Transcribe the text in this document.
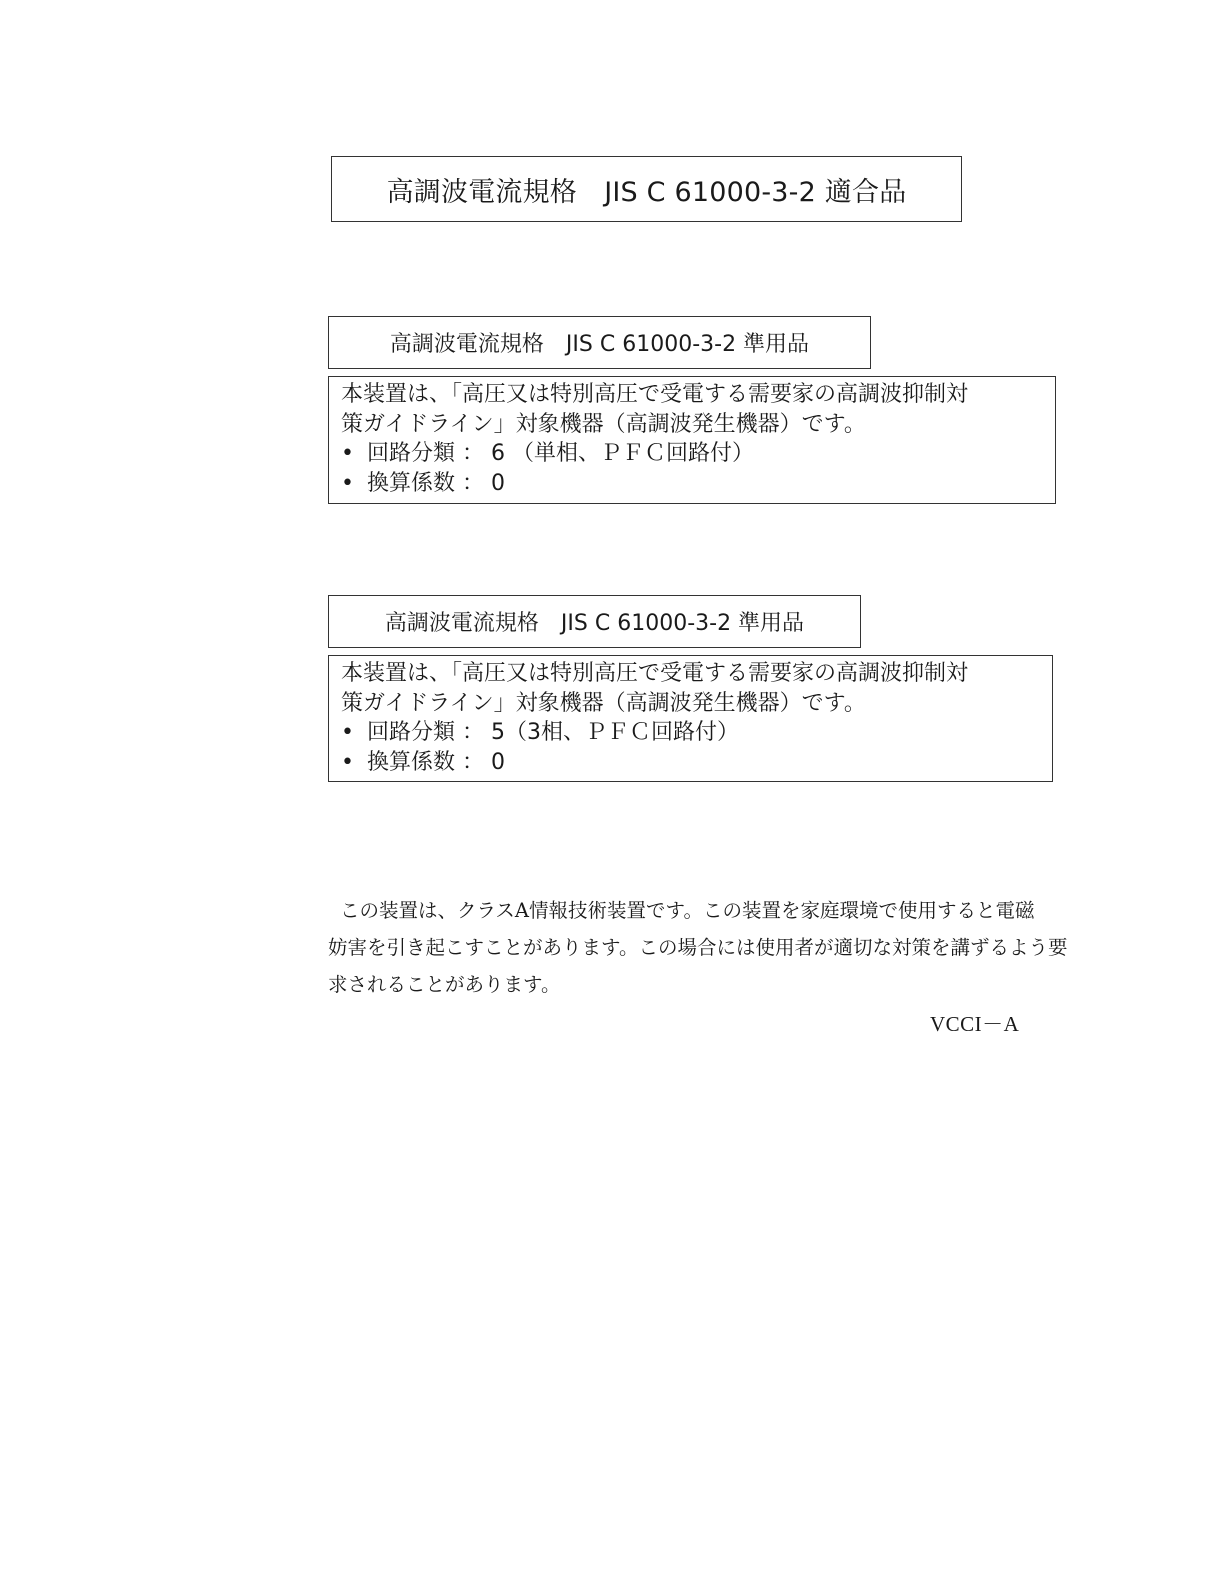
高調波電流規格　JIS C 61000-3-2 適合品
高調波電流規格　JIS C 61000-3-2 準用品
本装置は、「高圧又は特別高圧で受電する需要家の高調波抑制対
策ガイドライン」対象機器（高調波発生機器）です。
• 回路分類 ： 6 （単相、ＰＦＣ回路付）
• 換算係数 ： 0
高調波電流規格　JIS C 61000-3-2 準用品
本装置は、「高圧又は特別高圧で受電する需要家の高調波抑制対
策ガイドライン」対象機器（高調波発生機器）です。
• 回路分類 ： 5（3相、ＰＦＣ回路付）
• 換算係数 ： 0

この装置は、クラスA情報技術装置です。この装置を家庭環境で使用すると電磁

妨害を引き起こすことがあります。この場合には使用者が適切な対策を講ずるよう要

求されることがあります。

VCCI－A
